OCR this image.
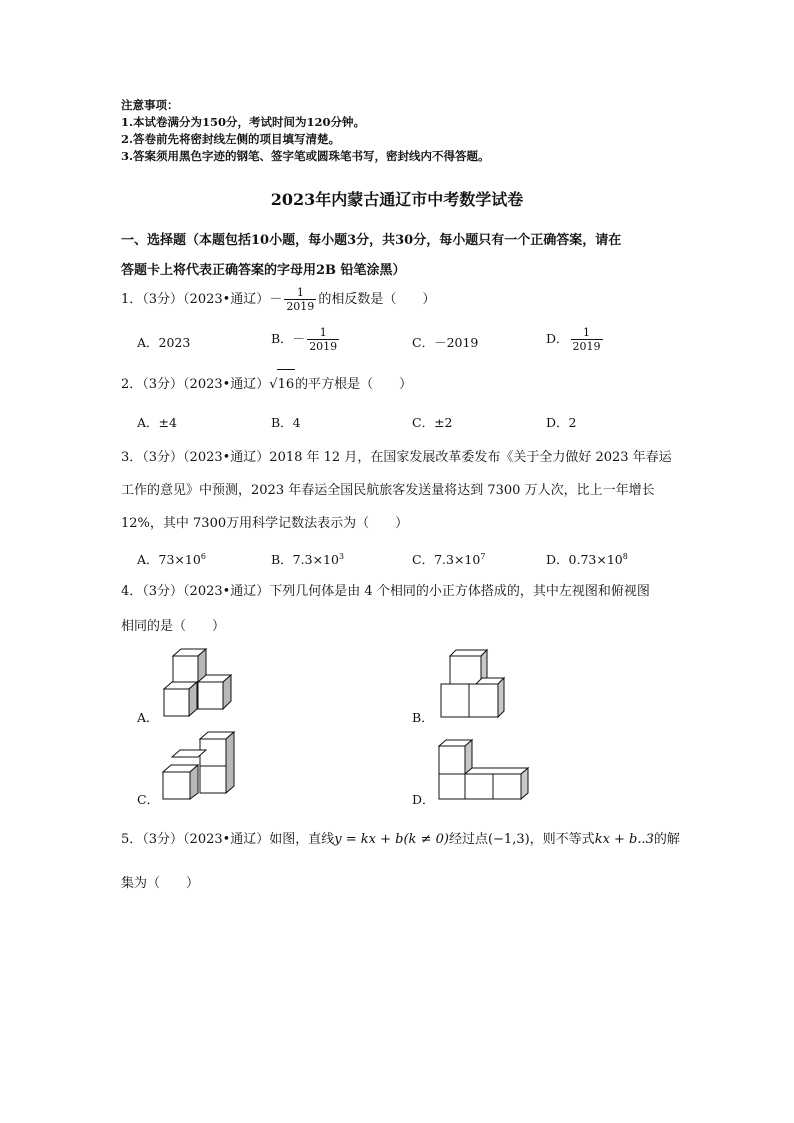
注意事项：
1.本试卷满分为150分，考试时间为120分钟。
2.答卷前先将密封线左侧的项目填写清楚。
3.答案须用黑色字迹的钢笔、签字笔或圆珠笔书写，密封线内不得答题。
2023年内蒙古通辽市中考数学试卷
一、选择题（本题包括10小题，每小题3分，共30分，每小题只有一个正确答案，请在
答题卡上将代表正确答案的字母用2B 铅笔涂黑）
1．（3分）（2023•通辽）－ $\frac{1}{2019}$ 的相反数是（　　）
A．2023	B．－ $\frac{1}{2019}$	C．－2019	D． $\frac{1}{2019}$
2．（3分）（2023•通辽）√16的平方根是（　　）
A．±4	B．4	C．±2	D．2
3．（3分）（2023•通辽）2018 年 12 月，在国家发展改革委发布《关于全力做好 2023 年春运
工作的意见》中预测，2023 年春运全国民航旅客发送量将达到 7300 万人次，比上一年增长
12%，其中 7300万用科学记数法表示为（　　）
A．$73\times 10^6$	B．$7.3\times 10^3$	C．$7.3\times 10^7$	D．$0.73\times 10^8$
4．（3分）（2023•通辽）下列几何体是由 4 个相同的小正方体搭成的，其中左视图和俯视图
相同的是（　　）
A．	B．
C．	D．
5．（3分）（2023•通辽）如图，直线y = kx + b(k ≠ 0)经过点(−1,3)，则不等式kx + b..3的解
集为（　　）
